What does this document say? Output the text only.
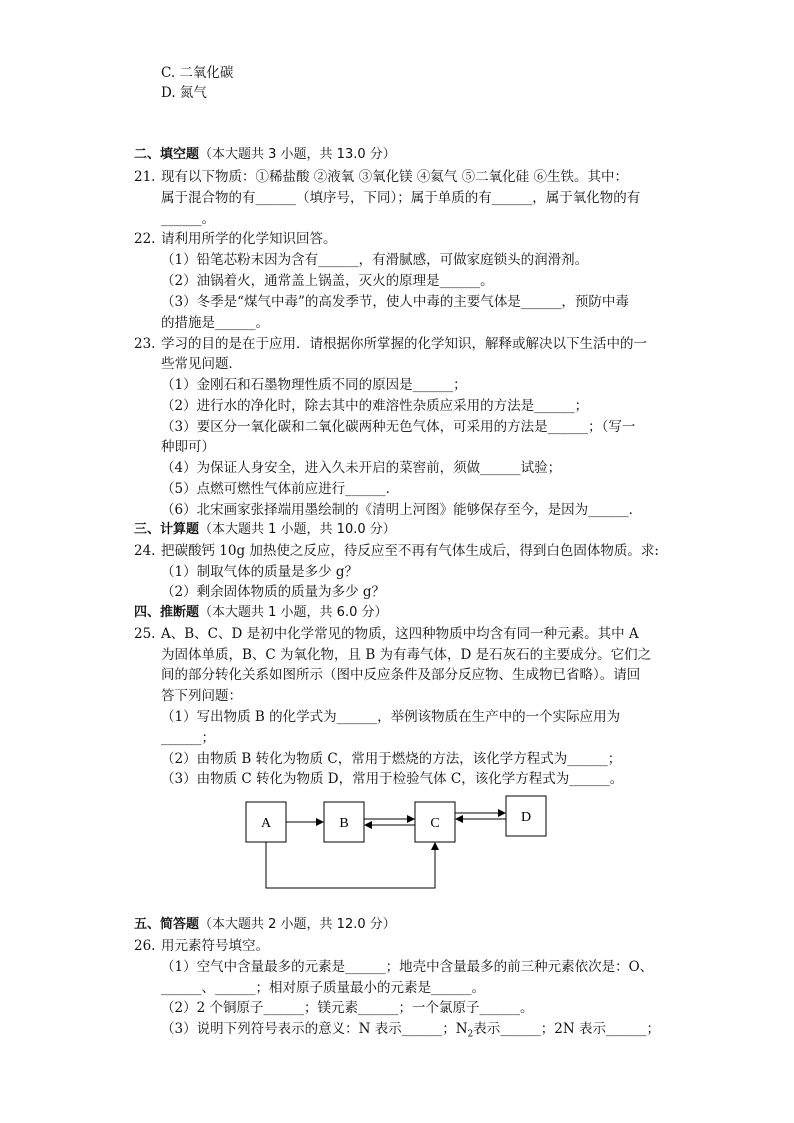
C. 二氧化碳
D. 氮气
二、填空题（本大题共 3 小题，共 13.0 分）
21. 现有以下物质：①稀盐酸 ②液氧 ③氧化镁 ④氦气 ⑤二氧化硅 ⑥生铁。其中：
属于混合物的有______（填序号，下同）；属于单质的有______，属于氧化物的有
______。
22. 请利用所学的化学知识回答。
（1）铅笔芯粉末因为含有______，有滑腻感，可做家庭锁头的润滑剂。
（2）油锅着火，通常盖上锅盖，灭火的原理是______。
（3）冬季是“煤气中毒”的高发季节，使人中毒的主要气体是______，预防中毒
的措施是______。
23. 学习的目的是在于应用．请根据你所掌握的化学知识，解释或解决以下生活中的一
些常见问题．
（1）金刚石和石墨物理性质不同的原因是______；
（2）进行水的净化时，除去其中的难溶性杂质应采用的方法是______；
（3）要区分一氧化碳和二氧化碳两种无色气体，可采用的方法是______；（写一
种即可）
（4）为保证人身安全，进入久未开启的菜窖前，须做______试验；
（5）点燃可燃性气体前应进行______．
（6）北宋画家张择端用墨绘制的《清明上河图》能够保存至今，是因为______．
三、计算题（本大题共 1 小题，共 10.0 分）
24. 把碳酸钙 10g 加热使之反应，待反应至不再有气体生成后，得到白色固体物质。求:
（1）制取气体的质量是多少 g？
（2）剩余固体物质的质量为多少 g？
四、推断题（本大题共 1 小题，共 6.0 分）
25. A、B、C、D 是初中化学常见的物质，这四种物质中均含有同一种元素。其中 A
为固体单质，B、C 为氧化物，且 B 为有毒气体，D 是石灰石的主要成分。它们之
间的部分转化关系如图所示（图中反应条件及部分反应物、生成物已省略）。请回
答下列问题：
（1）写出物质 B 的化学式为______，举例该物质在生产中的一个实际应用为
______；
（2）由物质 B 转化为物质 C，常用于燃烧的方法，该化学方程式为______；
（3）由物质 C 转化为物质 D，常用于检验气体 C，该化学方程式为______。
A	B	C	D
五、简答题（本大题共 2 小题，共 12.0 分）
26. 用元素符号填空。
（1）空气中含量最多的元素是______；地壳中含量最多的前三种元素依次是：O、
______、______；相对原子质量最小的元素是______。
（2）2 个铜原子______；镁元素______；一个氯原子______。
（3）说明下列符号表示的意义：N 表示______；$N_2$表示______；2N 表示______；
